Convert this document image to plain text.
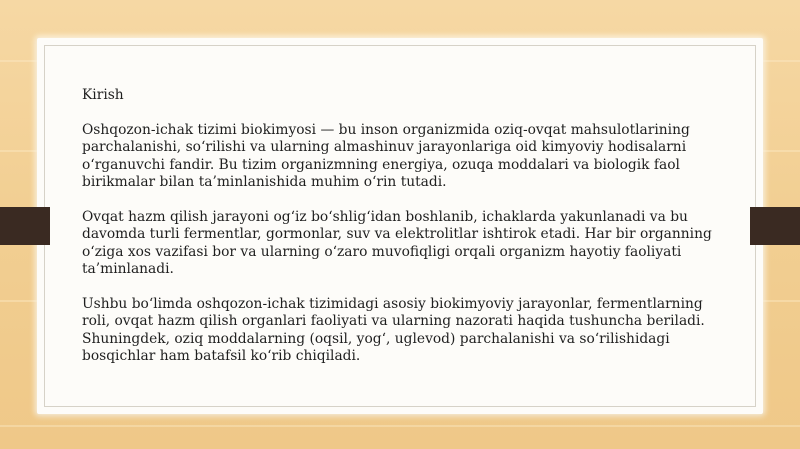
Kirish

Oshqozon-ichak tizimi biokimyosi — bu inson organizmida oziq-ovqat mahsulotlarining parchalanishi, so‘rilishi va ularning almashinuv jarayonlariga oid kimyoviy hodisalarni o‘rganuvchi fandir. Bu tizim organizmning energiya, ozuqa moddalari va biologik faol birikmalar bilan ta’minlanishida muhim o‘rin tutadi.

Ovqat hazm qilish jarayoni og‘iz bo‘shlig‘idan boshlanib, ichaklarda yakunlanadi va bu davomda turli fermentlar, gormonlar, suv va elektrolitlar ishtirok etadi. Har bir organning o‘ziga xos vazifasi bor va ularning o‘zaro muvofiqligi orqali organizm hayotiy faoliyati ta’minlanadi.

Ushbu bo‘limda oshqozon-ichak tizimidagi asosiy biokimyoviy jarayonlar, fermentlarning roli, ovqat hazm qilish organlari faoliyati va ularning nazorati haqida tushuncha beriladi. Shuningdek, oziq moddalarning (oqsil, yog‘, uglevod) parchalanishi va so‘rilishidagi bosqichlar ham batafsil ko‘rib chiqiladi.
